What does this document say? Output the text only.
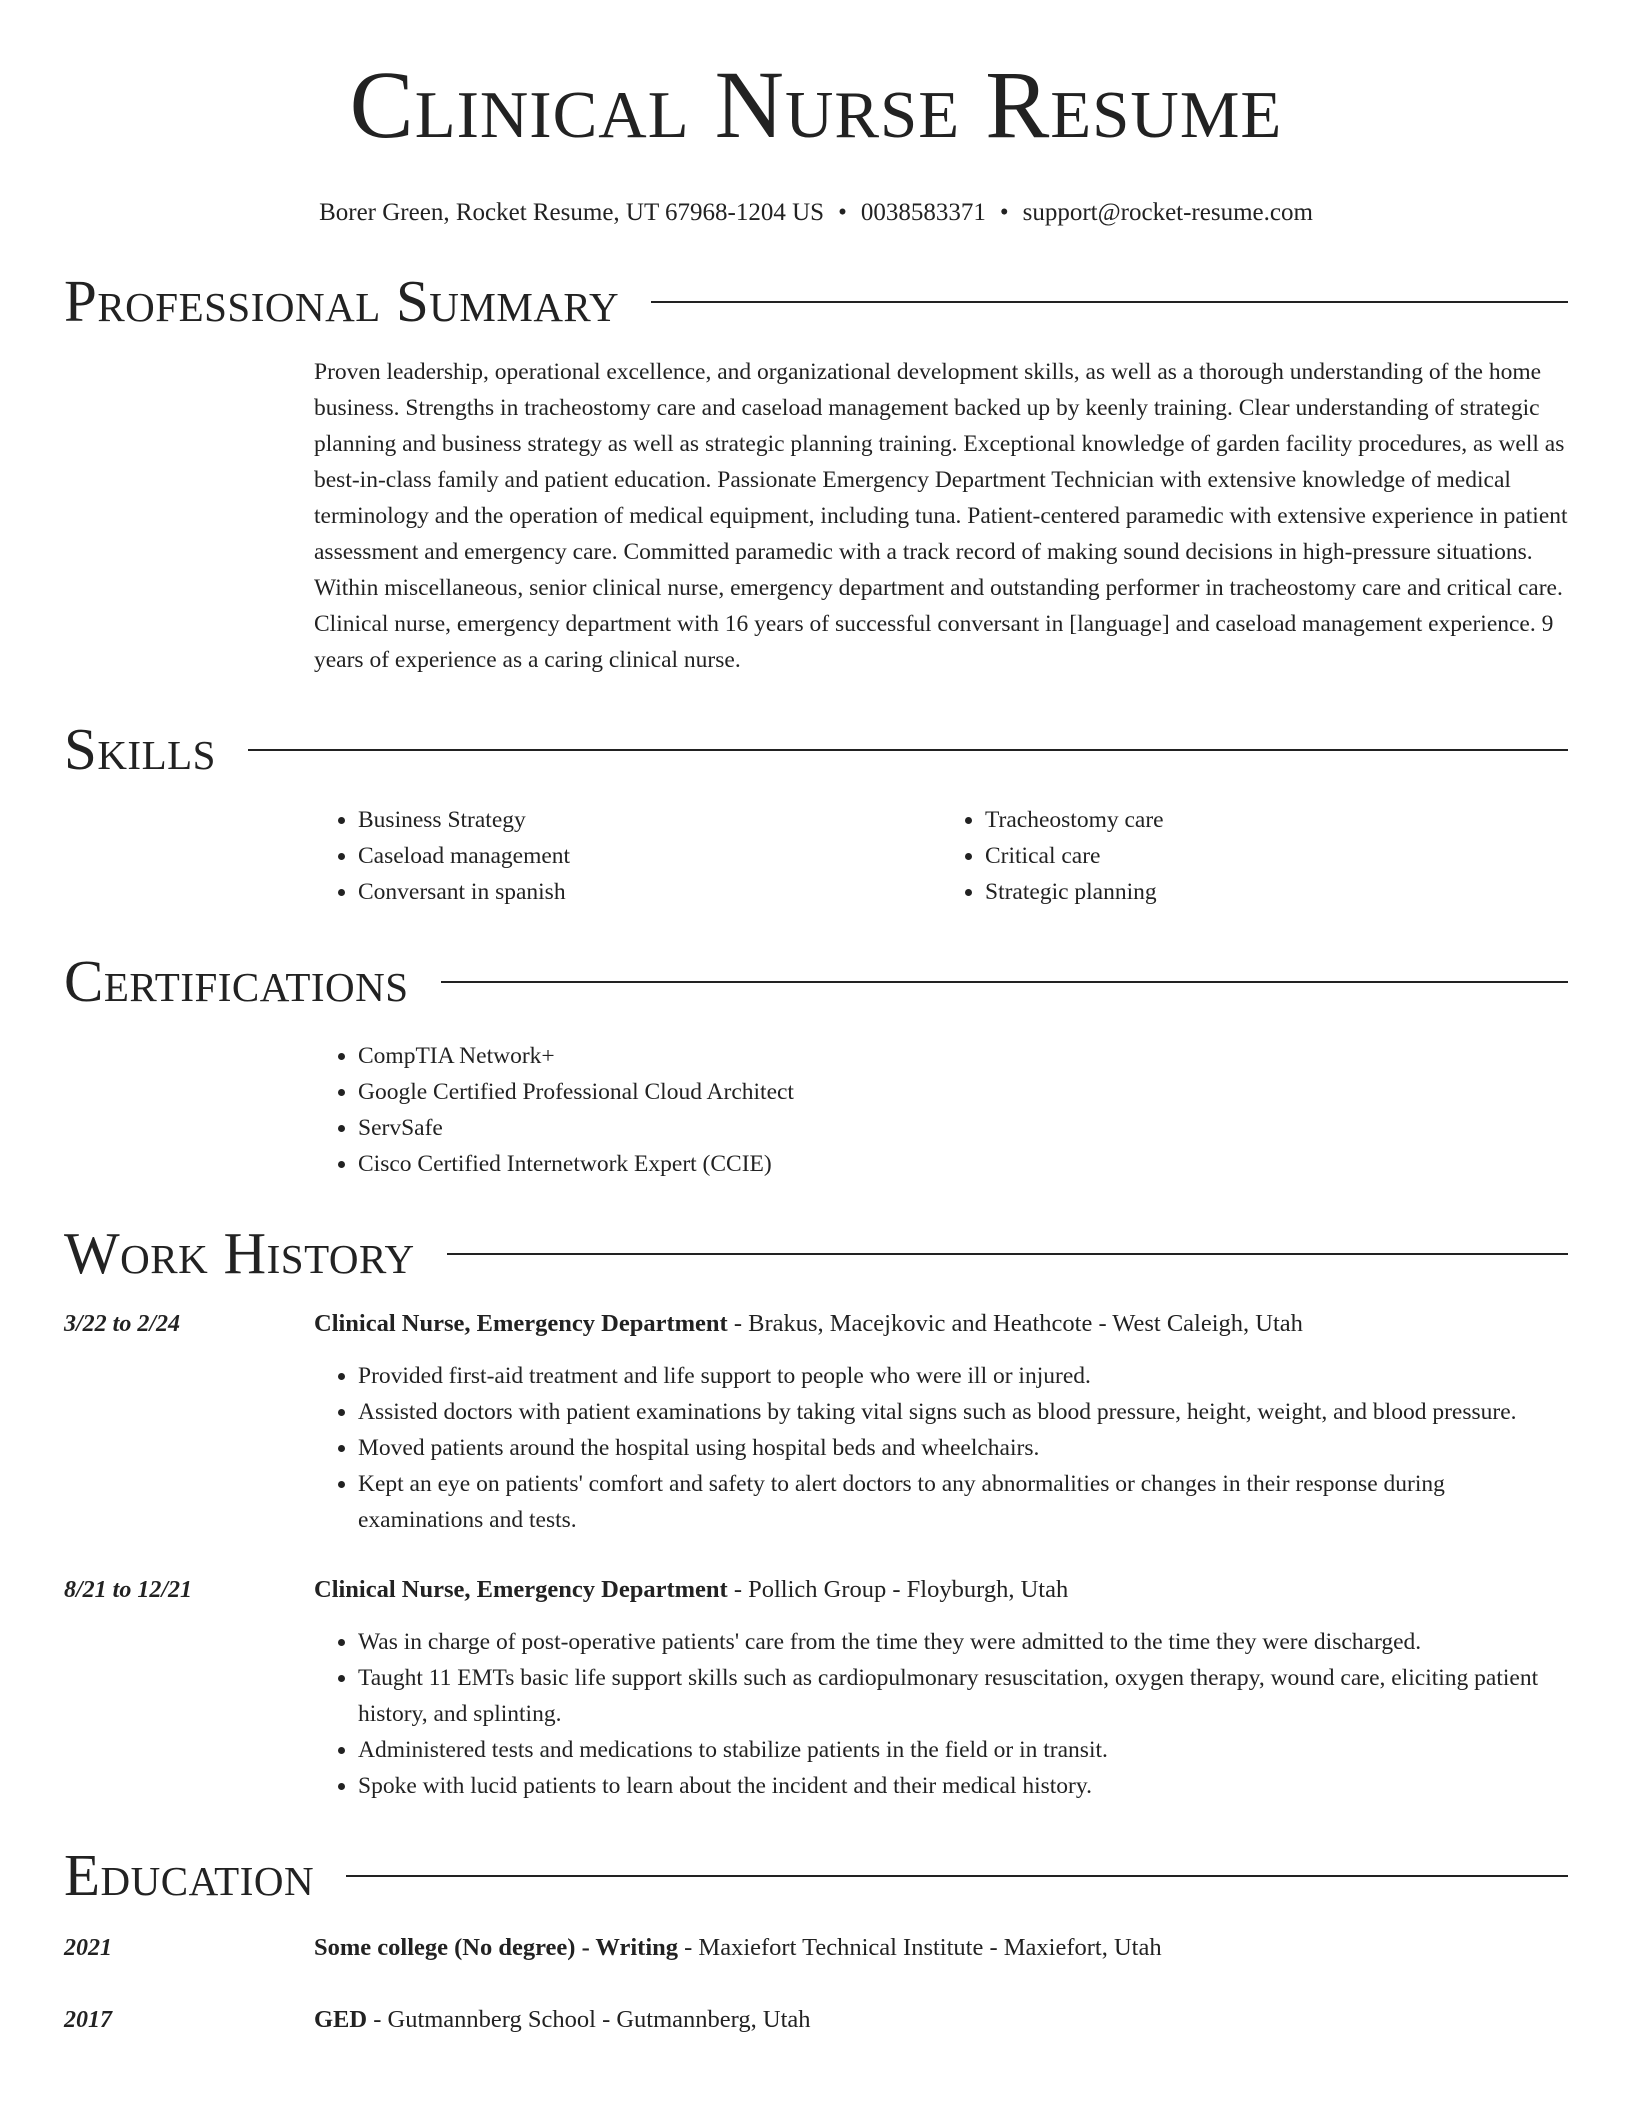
Clinical Nurse Resume
Borer Green, Rocket Resume, UT 67968-1204 US • 0038583371 • support@rocket-resume.com
Professional Summary
Proven leadership, operational excellence, and organizational development skills, as well as a thorough understanding of the home business. Strengths in tracheostomy care and caseload management backed up by keenly training. Clear understanding of strategic planning and business strategy as well as strategic planning training. Exceptional knowledge of garden facility procedures, as well as best-in-class family and patient education. Passionate Emergency Department Technician with extensive knowledge of medical terminology and the operation of medical equipment, including tuna. Patient-centered paramedic with extensive experience in patient assessment and emergency care. Committed paramedic with a track record of making sound decisions in high-pressure situations. Within miscellaneous, senior clinical nurse, emergency department and outstanding performer in tracheostomy care and critical care. Clinical nurse, emergency department with 16 years of successful conversant in [language] and caseload management experience. 9 years of experience as a caring clinical nurse.
Skills
• Business Strategy
• Caseload management
• Conversant in spanish
• Tracheostomy care
• Critical care
• Strategic planning
Certifications
• CompTIA Network+
• Google Certified Professional Cloud Architect
• ServSafe
• Cisco Certified Internetwork Expert (CCIE)
Work History
3/22 to 2/24	Clinical Nurse, Emergency Department - Brakus, Macejkovic and Heathcote - West Caleigh, Utah
• Provided first-aid treatment and life support to people who were ill or injured.
• Assisted doctors with patient examinations by taking vital signs such as blood pressure, height, weight, and blood pressure.
• Moved patients around the hospital using hospital beds and wheelchairs.
• Kept an eye on patients' comfort and safety to alert doctors to any abnormalities or changes in their response during examinations and tests.
8/21 to 12/21	Clinical Nurse, Emergency Department - Pollich Group - Floyburgh, Utah
• Was in charge of post-operative patients' care from the time they were admitted to the time they were discharged.
• Taught 11 EMTs basic life support skills such as cardiopulmonary resuscitation, oxygen therapy, wound care, eliciting patient history, and splinting.
• Administered tests and medications to stabilize patients in the field or in transit.
• Spoke with lucid patients to learn about the incident and their medical history.
Education
2021	Some college (No degree) - Writing - Maxiefort Technical Institute - Maxiefort, Utah
2017	GED - Gutmannberg School - Gutmannberg, Utah
